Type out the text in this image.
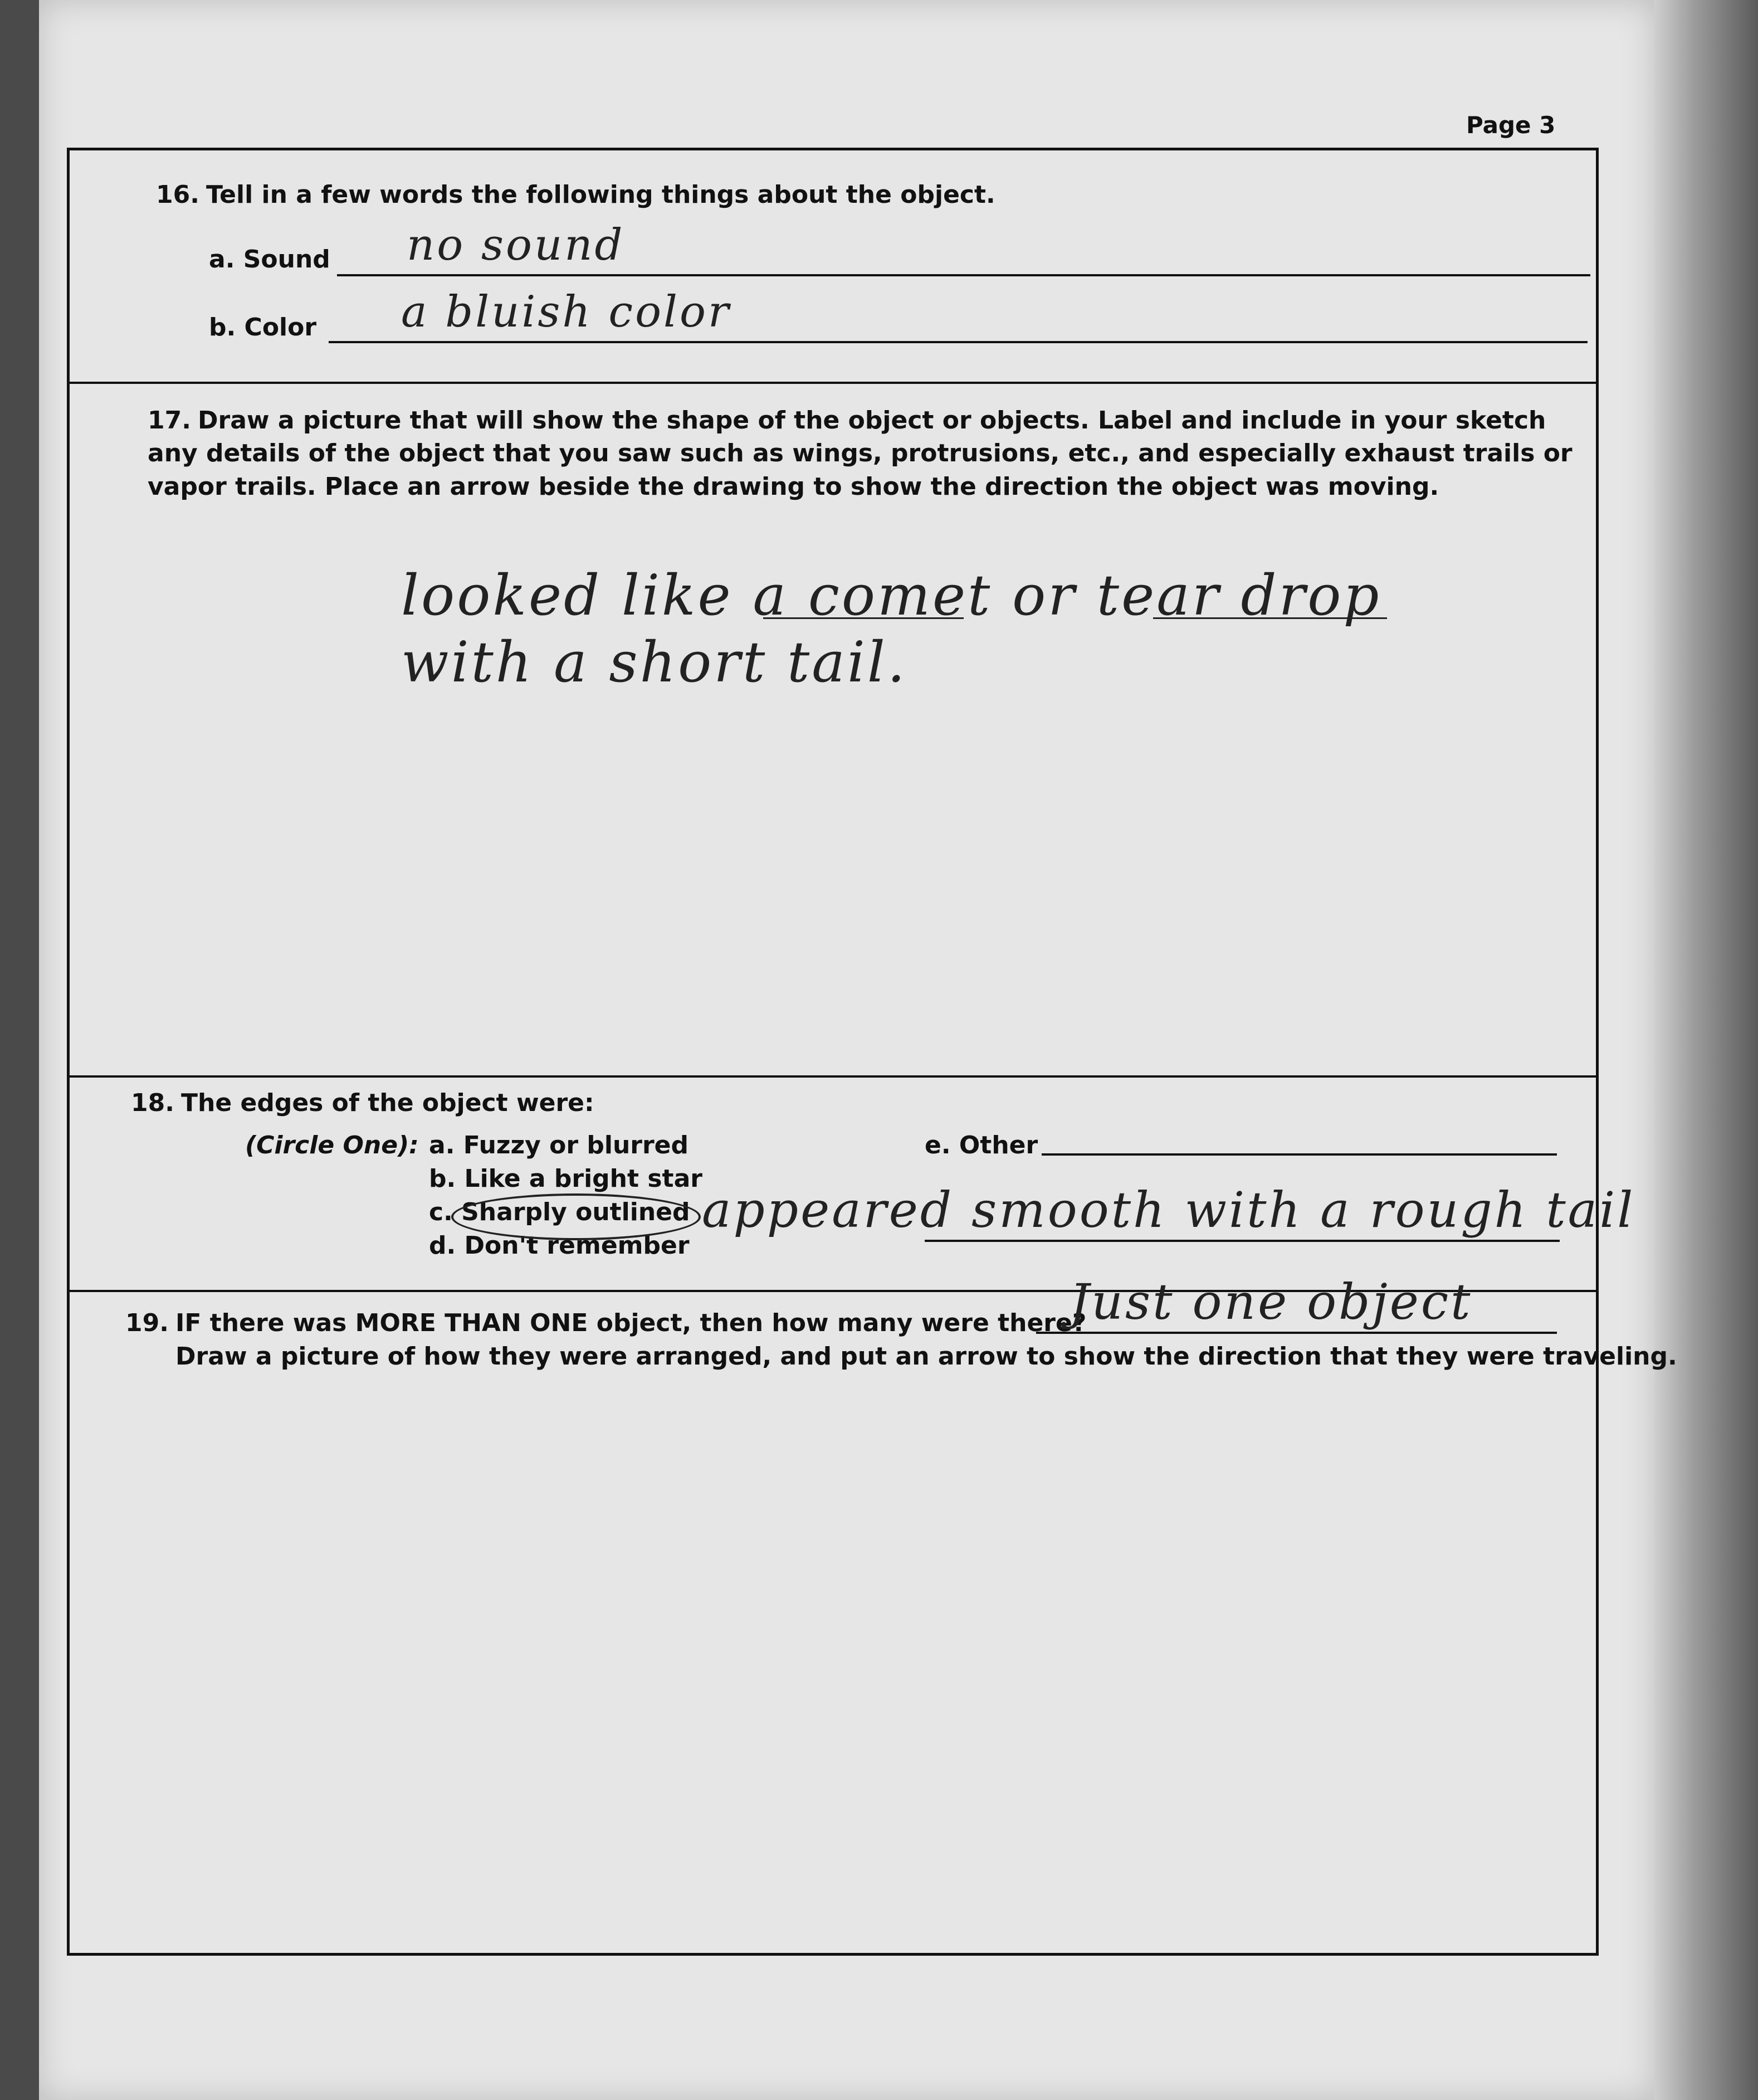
Page 3
16. Tell in a few words the following things about the object.
a. Sound no sound
b. Color a bluish color
17. Draw a picture that will show the shape of the object or objects. Label and include in your sketch any details of the object that you saw such as wings, protrusions, etc., and especially exhaust trails or vapor trails. Place an arrow beside the drawing to show the direction the object was moving.
looked like a comet or tear drop
with a short tail.
18. The edges of the object were:
(Circle One): a. Fuzzy or blurred
b. Like a bright star
c. Sharply outlined
d. Don't remember
e. Other
appeared smooth with a rough tail
19. IF there was MORE THAN ONE object, then how many were there?
Just one object
Draw a picture of how they were arranged, and put an arrow to show the direction that they were traveling.
